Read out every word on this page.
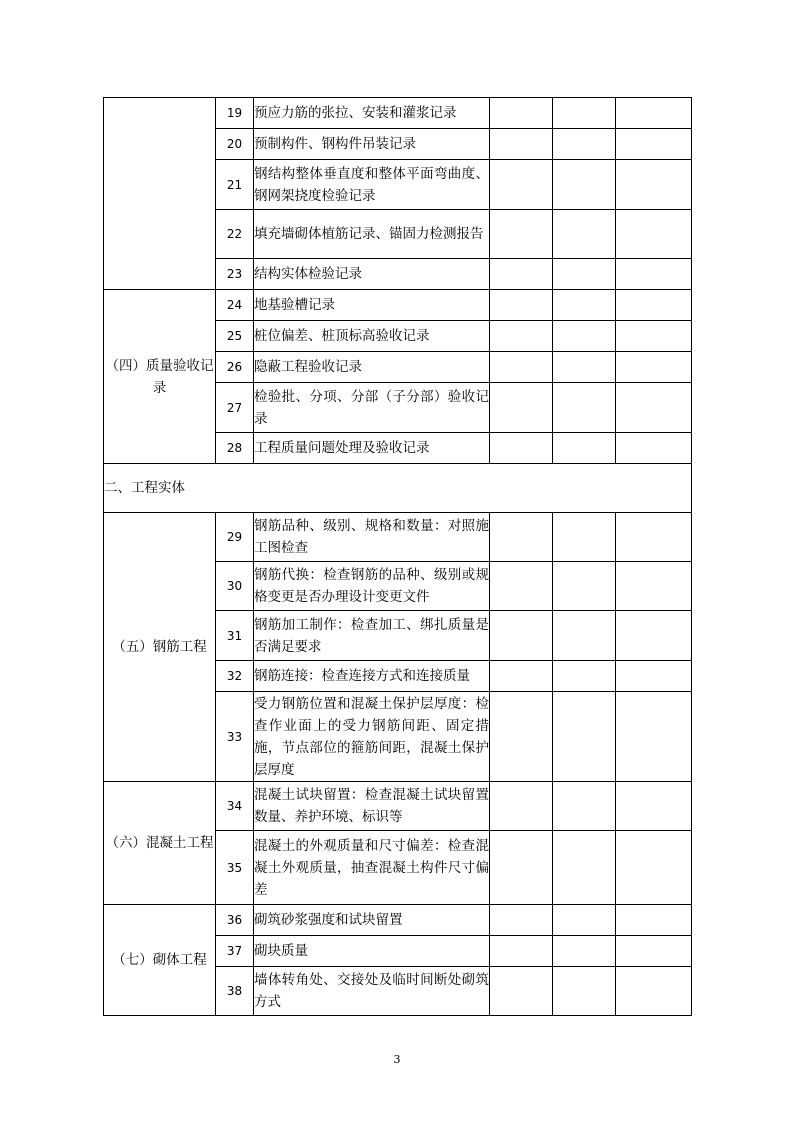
	19	预应力筋的张拉、安装和灌浆记录			
	20	预制构件、钢构件吊装记录			
	21	钢结构整体垂直度和整体平面弯曲度、钢网架挠度检验记录			
	22	填充墙砌体植筋记录、锚固力检测报告			
	23	结构实体检验记录			
（四）质量验收记录	24	地基验槽记录			
	25	桩位偏差、桩顶标高验收记录			
	26	隐蔽工程验收记录			
	27	检验批、分项、分部（子分部）验收记录			
	28	工程质量问题处理及验收记录			
二、工程实体					
（五）钢筋工程	29	钢筋品种、级别、规格和数量：对照施工图检查			
	30	钢筋代换：检查钢筋的品种、级别或规格变更是否办理设计变更文件			
	31	钢筋加工制作：检查加工、绑扎质量是否满足要求			
	32	钢筋连接：检查连接方式和连接质量			
	33	受力钢筋位置和混凝土保护层厚度：检查作业面上的受力钢筋间距、固定措施，节点部位的箍筋间距，混凝土保护层厚度			
（六）混凝土工程	34	混凝土试块留置：检查混凝土试块留置数量、养护环境、标识等			
	35	混凝土的外观质量和尺寸偏差：检查混凝土外观质量，抽查混凝土构件尺寸偏差			
（七）砌体工程	36	砌筑砂浆强度和试块留置			
	37	砌块质量			
	38	墙体转角处、交接处及临时间断处砌筑方式			
3
